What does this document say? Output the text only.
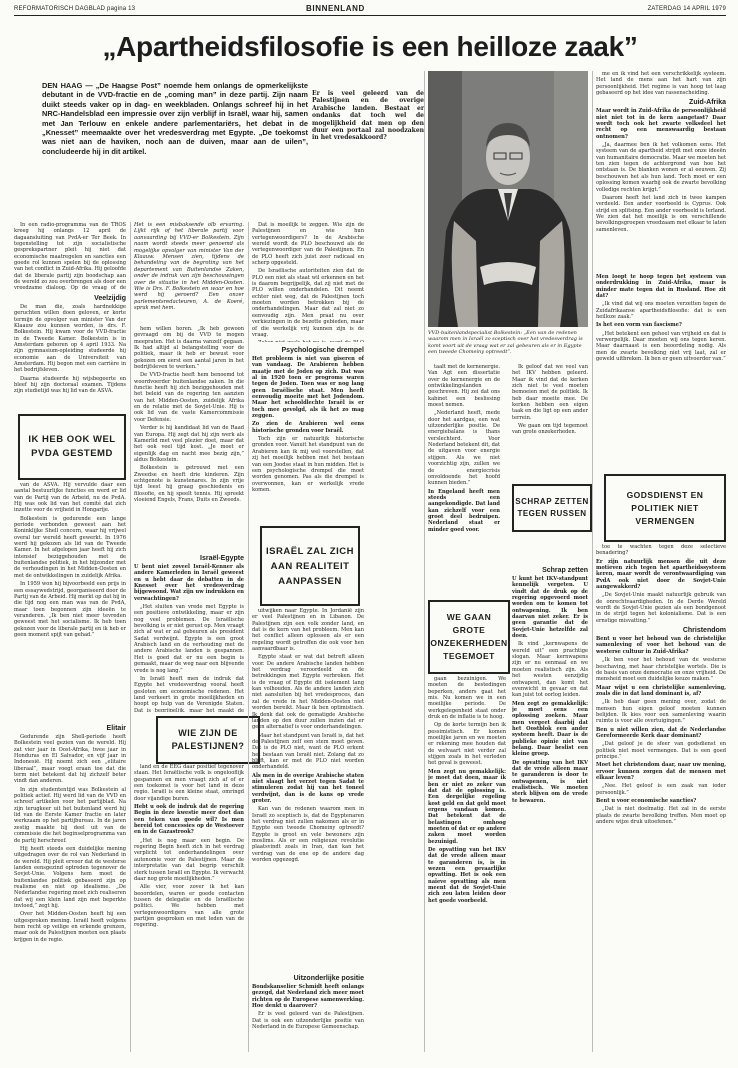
REFORMATORISCH DAGBLAD pagina 13	BINNENLAND	ZATERDAG 14 APRIL 1979
„Apartheidsfilosofie is een heilloze zaak”
DEN HAAG — „De Haagse Post” noemde hem onlangs de opmerkelijkste debutant in de VVD-fractie en de „coming man” in deze partij. Zijn naam duikt steeds vaker op in dag- en weekbladen. Onlangs schreef hij in het NRC-Handelsblad een impressie over zijn verblijf in Israël, waar hij, samen met Jan Terlouw en enkele andere parlementariërs, het debat in de „Knesset” meemaakte over het vredesverdrag met Egypte. „De toekomst was niet aan de haviken, noch aan de duiven, maar aan de uilen”, concludeerde hij in dit artikel.
Er is veel geleerd van de Palestijnen en de overige Arabische landen. Bestaat er ondanks dat toch wel de mogelijkheid dat men op den duur een portaal zal noodzaken in het vredesakkoord?

In een radio-programma van de TROS kreeg hij onlangs 12 april de dagaansluiting van PvdA-er Ter Beek. In tegenstelling tot zijn socialistische gesprekspartner pleit hij niet dat economische maatregelen en sancties een goede rol kunnen spelen bij de oplossing van het conflict in Zuid-Afrika. Hij geloofde dat de liberale partij zijn boodschap aan de wereld zo zou overbrengen als door een vreedzame dialoog. Op de vraag of de

Veelzijdig

De man die, zoals hardnekkige geruchten willen doen geloven, er korte termijn de opvolger van minister Van der Klaauw zou kunnen worden, is drs. F. Bolkestein. Hij kwam voor de VVD-fractie in de Tweede Kamer. Bolkestein is in Amsterdam geboren op 4 april 1933. Na zijn gymnasium-opleiding studeerde hij economie aan de Universiteit van Amsterdam. Hij begon met een carrière in het bedrijfsleven.

Daarna studeerde hij wijsbegeerte en bleef hij zijn doctoraal examen. Tijdens zijn studietijd was hij lid van de ASVA.

IK HEB OOK WEL PVDA GESTEMD

van de ASVA. Hij vervulde daar een aantal bestuurlijke functies en werd er lid van de Partij van de Arbeid, nu de PvdA. Hij was ook lid van het comité dat zich inzette voor de vrijheid in Hongarije.

Bolkestein is gedurende een lange periode verbonden geweest aan het Koninklijke Shell concern, waar hij vrijwel overal ter wereld heeft gewerkt. In 1976 werd hij gekozen als lid van de Tweede Kamer. In het afgelopen jaar heeft hij zich intensief beziggehouden met de buitenlandse politiek, in het bijzonder met de verhoudingen in het Midden-Oosten en met de ontwikkelingen in zuidelijk Afrika.

In 1959 won hij bijvoorbeeld een prijs in een essaywedstrijd, georganiseerd door de Partij van de Arbeid. Hij merkt op dat hij in die tijd nog een man was van de PvdA, maar toen begonnen zijn ideeën te veranderen. „Ik ben niet meer tevreden geweest met het socialisme. Ik heb toen gekozen voor de liberale partij en ik heb er geen moment spijt van gehad.”

Elitair

Gedurende zijn Shell-periode heeft Bolkestein veel gezien van de wereld. Hij zat vier jaar in Oost-Afrika, twee jaar in Honduras en El Salvador, en vijf jaar in Indonesië. Hij noemt zich een „elitaire liberaal”, maar voegt eraan toe dat die term niet betekent dat hij zichzelf beter vindt dan anderen.

In zijn studententijd was Bolkestein al politiek actief. Hij werd lid van de VVD en schreef artikelen voor het partijblad. Na zijn terugkeer uit het buitenland werd hij lid van de Eerste Kamer fractie en later werkzaam op het partijbureau. In de jaren zestig maakte hij deel uit van de commissie die het beginselprogramma van de partij herschreef.

Hij heeft steeds een duidelijke mening uitgedragen over de rol van Nederland in de wereld. Hij pleit ervoor dat de westerse landen eensgezind optreden tegenover de Sovjet-Unie. Volgens hem moet de buitenlandse politiek gebaseerd zijn op realisme en niet op idealisme. „De Nederlandse regering moet zich realiseren dat wij een klein land zijn met beperkte invloed,” zegt hij.

Over het Midden-Oosten heeft hij een uitgesproken mening. Israël heeft volgens hem recht op veilige en erkende grenzen, maar ook de Palestijnen moeten een plaats krijgen in de regio.

Het is een misbaksende olb ervaring. Lijkt rijk of het liberale partij voor aanvaarding bij VVD-er Bolkestein. Zijn naam wordt steeds meer genoemd als mogelijke opvolger van minister Van der Klaauw. Mensen zien, tijdens de behandeling van de begroting van het departement van Buitenlandse Zaken, onder de indruk van zijn beschouwingen over de situatie in het Midden-Oosten. Wie is Drs. F. Bolkestein en waar en hoe werd hij geroerd? Een onzer parlementsredacteuren, A. de Koeré, sprak met hem.

hem willen horen. „Ik heb gewoon gevraagd om bij de VVD te mogen meepraten. Het is daarna vanzelf gegaan. Ik had altijd al belangstelling voor de politiek, maar ik heb er bewust voor gekozen om eerst een aantal jaren in het bedrijfsleven te werken.”

De VVD-fractie heeft hem benoemd tot woordvoerder buitenlandse zaken. In die functie heeft hij zich beziggehouden met het beleid van de regering ten aanzien van het Midden-Oosten, zuidelijk Afrika en de relatie met de Sovjet-Unie. Hij is ook lid van de vaste Kamercommissie voor Defensie.

Verder is hij kandidaat lid van de Raad van Europa. Hij zegt dat hij zijn werk als Kamerlid met veel plezier doet, maar dat het ook veel tijd kost. „Je moet er eigenlijk dag en nacht mee bezig zijn,” aldus Bolkestein.

Bolkestein is getrouwd met een Zweedse en heeft drie kinderen. Zijn echtgenote is kunstenares. In zijn vrije tijd leest hij graag geschiedenis en filosofie, en hij speelt tennis. Hij spreekt vloeiend Engels, Frans, Duits en Zweeds.

Israël-Egypte

U bent niet zoveel Israël-Kenner als andere Kamerleden in Israël geweest en u hebt daar de debatten in de Knesset over het vredesverdrag bijgewoond. Wat zijn uw indrukken en verwachtingen?

„Het sluiten van vrede met Egypte is een positieve ontwikkeling, maar er zijn nog veel problemen. De Israëlische bevolking is er niet gerust op. Men vraagt zich af wat er zal gebeuren als president Sadat verdwijnt. Egypte is een groot Arabisch land en de verhouding met de andere Arabische landen is gespannen. Het is goed dat er nu een begin is gemaakt, maar de weg naar een blijvende vrede is nog lang.”

In Israël heeft men de indruk dat Egypte het vredesverdrag vooral heeft gesloten om economische redenen. Het land verkeert in grote moeilijkheden en hoopt op hulp van de Verenigde Staten. Dat is begrijpelijk, maar het maakt de

WIE ZIJN DE PALESTIJNEN?

land en de EEG daar positief tegenover staan. Het Israëlische volk is ongelooflijk gespannen en men vraagt zich af of er een toekomst is voor het land in deze regio. Israël is een kleine staat, omringd door vijandige buren.

Hebt u ook de indruk dat de regering Begin in deze kwestie meer doet dan een teken van goede wil? Is men bereid tot concessies op de Westoever en in de Gazastrook?

„Het is nog maar een begin. De regering Begin heeft zich in het verdrag verplicht tot onderhandelingen over autonomie voor de Palestijnen. Maar de interpretatie van dat begrip verschilt sterk tussen Israël en Egypte. Ik verwacht daar nog grote moeilijkheden.”

Alle vier, voor zover ik het kan beoordelen, waren er goede contacten tussen de delegatie en de Israëlische politici. We hebben met vertegenwoordigers van alle grote partijen gesproken en met leden van de regering.

Dat is moeilijk te zeggen. Wie zijn de Palestijnen en wie hun vertegenwoordigers? In de Arabische wereld wordt de PLO beschouwd als de vertegenwoordiger van de Palestijnen. En de PLO heeft zich juist zeer radicaal en scherp opgesteld.

De Israëlische autoriteiten zien dat de PLO een niet als staat wil erkennen en het is daarom begrijpelijk, dat zij niet met de PLO willen onderhandelen. Dit neemt echter niet weg, dat de Palestijnen toch moeten worden betrokken bij de onderhandelingen. Maar dat zal niet zo eenvoudig zijn. Men praat nu over verkiezingen in de bezette gebieden, maar of die werkelijk vrij kunnen zijn is de vraag.

Psychologische drempel

Het probleem is niet van giseren of van vandaag. De Arabieren hebben maatje met de Joden op zich. Dat was al in 1920 toen er progroms waren tegen de Joden. Toen was er nog lang geen Israëlische staat. Men heeft eenvoudig moeite met het Jodendom. Maar het schooldlechte Israël is er toch mee gevolgd, als ik het zo mag zeggen.

Zo zien de Arabieren wel eens historische gronden voor Israël.

Toch zijn er natuurlijk historische gronden voor. Vanuit het standpunt van de Arabieren kan ik mij wel voorstellen, dat zij het moeilijk hebben met het bestaan van een Joodse staat in hun midden. Het is een psychologische drempel die moet worden genomen. Pas als die drempel is overwonnen, kan er werkelijk vrede komen.

ISRAËL ZAL ZICH AAN REALITEIT AANPASSEN

uitwijken naar Egypte. In Jordanië zijn er veel Palestijnen en in Libanon. De Palestijnen zijn een volk zonder land, en dat is de kern van het probleem. Men kan het conflict alleen oplossen als er een regeling wordt getroffen die ook voor hen aanvaardbaar is.

Egypte staat er wat dat betreft alleen voor. De andere Arabische landen hebben het verdrag veroordeeld en de betrekkingen met Egypte verbroken. Het is de vraag of Egypte dit isolement lang kan volhouden. Als de andere landen zich niet aansluiten bij het vredesproces, dan zal de vrede in het Midden-Oosten niet worden bereikt. Maar ik ben optimistisch. Ik denk dat ook de gematigde Arabische landen op den duur zullen inzien dat er geen alternatief is voor onderhandelingen.

Maar het standpunt van Israël is, dat het de Palestijnen zelf een stem moet geven. Dat is de PLO niet, want de PLO erkent het bestaan van Israël niet. Zolang dat zo blijft, kan er met de PLO niet worden onderhandeld.

Als men in de overige Arabische staten niet slaagt het verzet tegen Sadat te stimuleren zodat hij van het toneel verdwijnt, dan is de kans op vrede groter.

Kan van de redenen waarom men in Israël zo sceptisch is, dat de Egyptenaren het verdrag niet zullen nakomen als er in Egypte een tweede Chomeiny optreedt? Egypte is groot en vele bewoners zijn moslims. Als er een religieuze revolutie plaatsvindt zoals in Iran, dan kan het verdrag van de ene op de andere dag worden opgezegd.

Uitzonderlijke positie

Bondskanselier Schmidt heeft onlangs gezegd, dat Nederland zich meer moet richten op de Europese samenwerking. Hoe denkt u daarover?

Er is veel geleerd van de Palestijnen. Dat is ook een uitzonderlijke positie van Nederland in de Europese Gemeenschap.

VVD-buitenlandspecialist Bolkestein: „Een van de redenen waarom men in Israël zo sceptisch over het vredesverdrag is komt voort uit de vraag wat er zal gebeuren als er in Egypte een tweede Chomeiny optreedt”.

taalt met de kernenergie. Van Agt een dissertatie over de kernenergie en de ontwikkelingslanden geschreven. Hij zei dat ons kabinet een beslissing moest nemen.

„Nederland heeft, mede door het aardgas, een wat uitzonderlijke positie. De energiebalans is thans verslechterd. Voor Nederland betekent dit, dat de uitgaven voor energie stijgen. Als we niet voorzichtig zijn, zullen we de energiecrisis onvoldoende het hoofd kunnen bieden.”

In Engeland heeft men steeds een aangekondigde. Dat land kan zichzelf voor een groot deel bedruipen. Nederland staat er minder goed voor.

WE GAAN GROTE ONZEKERHEDEN TEGEMOET

gaan bezuinigen. We moeten de bestedingen beperken, anders gaat het mis. Nu komen we in een moeilijke periode. De werkgelegenheid staat onder druk en de inflatie is te hoog.

Op de korte termijn ben ik pessimistisch. Er komen moeilijke jaren en we moeten er rekening mee houden dat de welvaart niet verder zal stijgen zoals in het verleden het geval is geweest.

Men zegt nu gemakkelijk: je moet dat doen, maar ik ben er niet zo zeker van dat dat de oplossing is. Een dergelijke regeling kost geld en dat geld moet ergens vandaan komen. Dat betekent dat de belastingen omhoog moeten of dat er op andere zaken moet worden bezuinigd.

De opvatting van het IKV dat de vrede alleen maar te garanderen is, is in wezen een gevaarlijke opvatting. Het is ook een naïeve opvatting als men meent dat de Sovjet-Unie zich zou laten leiden door het goede voorbeeld.

Ik geloof dat we veel van het IKV hebben geleerd. Maar ik vind dat de kerken zich niet te veel moeten bemoeien met de politiek. Ik heb daar moeite mee. De kerken hebben een eigen taak en die ligt op een ander terrein.

We gaan om tijd tegemoet van grote onzekerheden.

SCHRAP ZETTEN TEGEN RUSSEN
Schrap zetten

U kunt het IKV-standpunt kennelijk vergeten. U vindt dat de druk op de regering opgevoerd moet worden om te komen tot ontwapening. Ik ben daarvan niet zeker. Er is geen garantie dat de Sovjet-Unie hetzelfde zal doen.

Ik vind „kernwapens de wereld uit” een prachtige slogan. Maar kernwapens zijn er nu eenmaal en we moeten realistisch zijn. Als het westen eenzijdig ontwapent, dan komt het evenwicht in gevaar en dat kan juist tot oorlog leiden.

Men zegt zo gemakkelijk: je moet eens een oplossing zoeken. Maar men vergeet daarbij dat het Oostblok een ander systeem heeft. Daar is de publieke opinie niet van belang. Daar beslist een kleine groep.

De opvatting van het IKV dat de vrede alleen maar te garanderen is door te ontwapenen, is niet realistisch. We moeten sterk blijven om de vrede te bewaren.

me en ik vind het een verschrikkelijk systeem. Het land de mens aan het hart van zijn persoonlijkheid. Het regime is van hoog tot laag gebaseerd op het idee van rassenscheiding.

Zuid-Afrika

Maar wordt in Zuid-Afrika de persoonlijkheid niet niet tot in de kern aangetast? Daar wordt toch ook het zwarte volksdeel het recht op een menswaardig bestaan ontnomen?

„Ja, daarmee ben ik het volkomen eens. Het systeem van de apartheid strijdt met onze ideeën van humanitaire democratie. Maar we moeten het ten zien tegen de achtergrond van hoe het ontstaan is. De blanken wonen er al eeuwen. Zij beschouwen het als hun land. Toch moet er een oplossing komen waarbij ook de zwarte bevolking volledige rechten krijgt.”

Daarom heeft het land zich in twee kampen verdeeld. Een ander voorbeeld is Cyprus. Ook strijd en splitsing. Een ander voorbeeld is Ierland. We zien dat het moeilijk is om verschillende bevolkingsgroepen vreedzaam met elkaar te laten samenleven.

Men loopt te hoop tegen het systeem van onderdrukking in Zuid-Afrika, maar is minder mate tegen dat in Rusland. Hoe zit dat?

„Ik vind dat wij ons moeten verzetten tegen de Zuidafrikaanse apartheidsfilosofie: dat is een heilloze zaak.”

Is het een vorm van fascisme?

„Het betekent een geheel van vrijheid en dat is verwerpelijk. Daar moeten wij ons tegen keren. Maar daarnaast is een beoordeling nodig. Als men de zwarte bevolking niet vrij laat, zal er geweld uitbreken. Ik ben er geen uitvoerder van.”

GODSDIENST EN POLITIEK NIET VERMENGEN

toe te wachten tegen deze selectieve benadering?

Er zijn natuurlijk mensen die uit deze motieven zich tegen het apartheidssysteem keren, maar wordt de verontwaardiging van PvdA ook niet door de Sovjet-Unie aangewakkerd?

„De Sovjet-Unie maakt natuurlijk gebruik van de onrechtvaardigheden. In de Derde Wereld wordt de Sovjet-Unie gezien als een bondgenoot in de strijd tegen het kolonialisme. Dat is een ernstige misvatting.”

Christendom

Bent u voor het behoud van de christelijke samenleving of voor het behoud van de westerse cultuur in Zuid-Afrika?

„Ik ben voor het behoud van de westerse beschaving, met haar christelijke wortels. Die is de basis van onze democratie en onze vrijheid. De mensheid moet een duidelijke keuze maken.”

Maar wijst u een christelijke samenleving, zoals die in dat land dominant is, af?

„Ik heb daar geen mening over, zodat de mensen hun eigen geloof moeten kunnen belijden. Ik kies voor een samenleving waarin ruimte is voor alle overtuigingen.”

Ben u niet willen zien, dat de Nederlandse Gereformeerde Kerk daar dominant?

„Dat geloof je de sfeer van godsdienst en politiek niet moet vermengen. Dat is een goed principe.”

Moet het christendom daar, naar uw mening, ervoor kunnen zorgen dat de mensen met elkaar leven?

„Nee. Het geloof is een zaak van ieder persoonlijk.”

Bent u voor economische sancties?

„Dat is niet doelmatig. Het zal in de eerste plaats de zwarte bevolking treffen. Men moet op andere wijze druk uitoefenen.”
